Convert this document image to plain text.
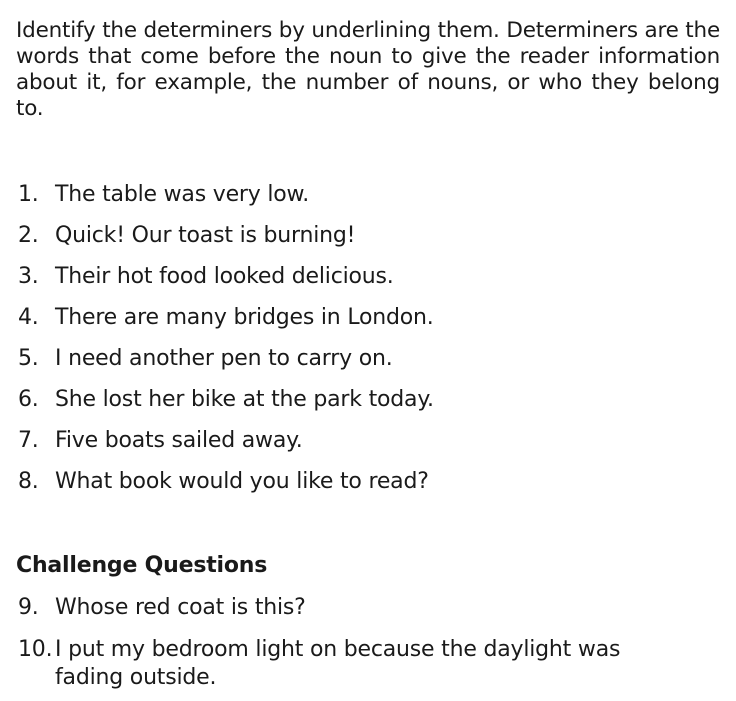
Identify the determiners by underlining them. Determiners are the words that come before the noun to give the reader information about it, for example, the number of nouns, or who they belong to.

1. The table was very low.
2. Quick! Our toast is burning!
3. Their hot food looked delicious.
4. There are many bridges in London.
5. I need another pen to carry on.
6. She lost her bike at the park today.
7. Five boats sailed away.
8. What book would you like to read?
Challenge Questions
9. Whose red coat is this?
10. I put my bedroom light on because the daylight was fading outside.
